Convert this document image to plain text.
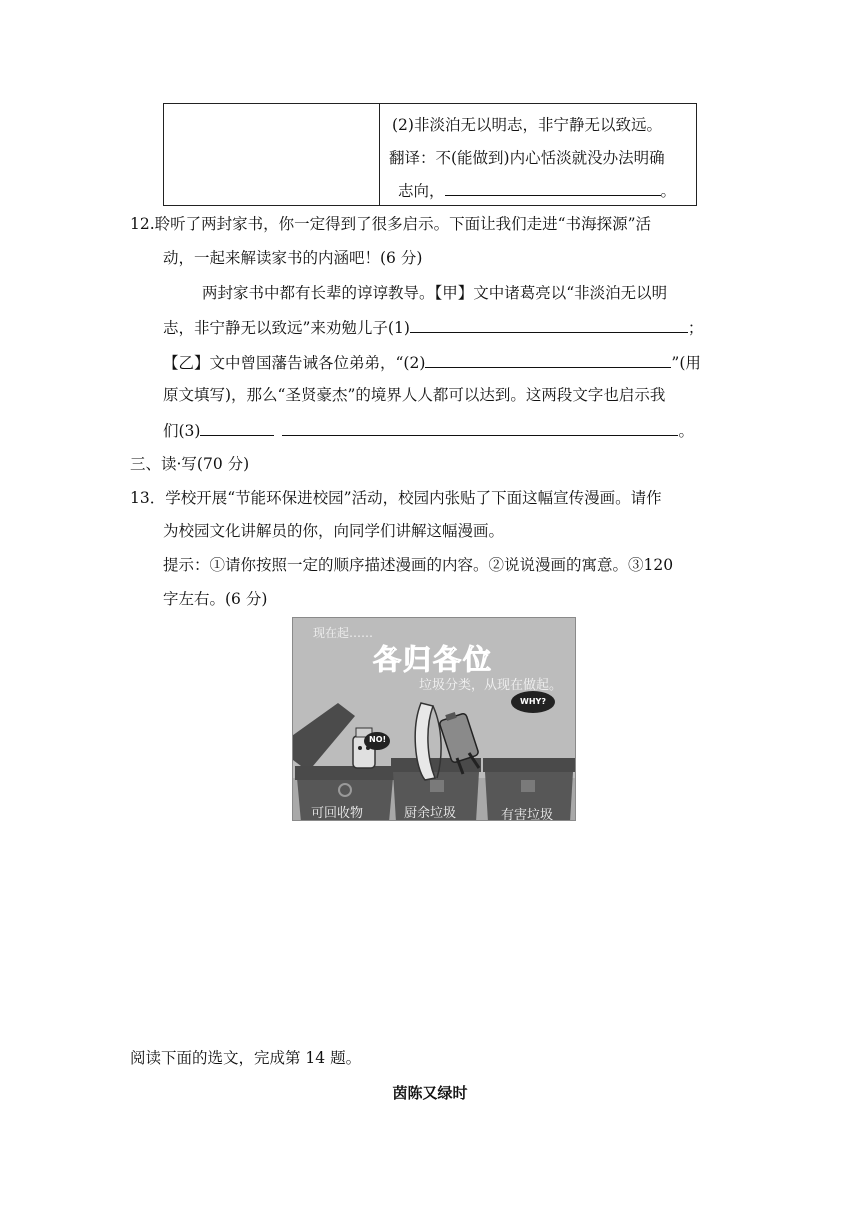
(2)非淡泊无以明志，非宁静无以致远。
翻译：不(能做到)内心恬淡就没办法明确
志向，	。
12.聆听了两封家书，你一定得到了很多启示。下面让我们走进“书海探源”活
动，一起来解读家书的内涵吧！(6 分)
两封家书中都有长辈的谆谆教导。【甲】文中诸葛亮以“非淡泊无以明
志，非宁静无以致远”来劝勉儿子(1)	；
【乙】文中曾国藩告诫各位弟弟，“(2)	”(用
原文填写)，那么“圣贤豪杰”的境界人人都可以达到。这两段文字也启示我
们(3)	。
三、读·写(70 分)
13．学校开展“节能环保进校园”活动，校园内张贴了下面这幅宣传漫画。请作
为校园文化讲解员的你，向同学们讲解这幅漫画。
提示：①请你按照一定的顺序描述漫画的内容。②说说漫画的寓意。③120
字左右。(6 分)
现在起……
各归各位
垃圾分类，从现在做起。
NO!
WHY?
可回收物	厨余垃圾	有害垃圾
阅读下面的选文，完成第 14 题。
茵陈又绿时
